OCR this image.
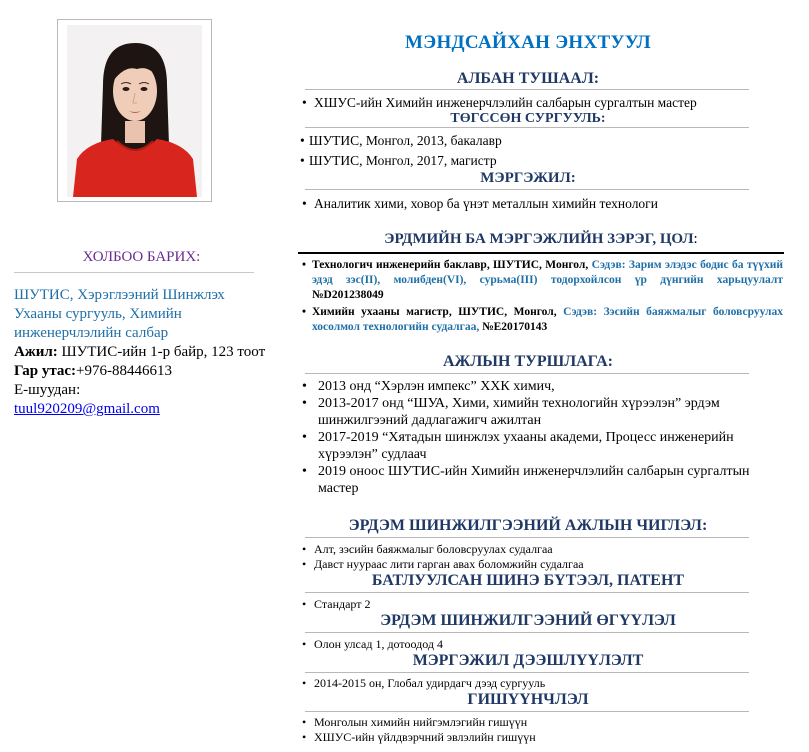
ХОЛБОО БАРИХ:
ШУТИС, Хэрэглээний Шинжлэх Ухааны сургууль, Химийн инженерчлэлийн салбар
Ажил: ШУТИС-ийн 1-р байр, 123 тоот
Гар утас:+976-88446613
Е-шуудан:
tuul920209@gmail.com
МЭНДСАЙХАН ЭНХТУУЛ
АЛБАН ТУШААЛ:
• ХШУС-ийн Химийн инженерчлэлийн салбарын сургалтын мастер
ТӨГССӨН СУРГУУЛЬ:
• ШУТИС, Монгол, 2013, бакалавр
• ШУТИС, Монгол, 2017, магистр
МЭРГЭЖИЛ:
• Аналитик хими, ховор ба үнэт металлын химийн технологи
ЭРДМИЙН БА МЭРГЭЖЛИЙН ЗЭРЭГ, ЦОЛ:
• Технологич инженерийн баклавр, ШУТИС, Монгол, Сэдэв: Зарим элэдэс бодис ба түүхий эдэд зэс(II), молибден(VI), сурьма(III) тодорхойлсон үр дүнгийн харьцуулалт №D201238049
• Химийн ухааны магистр, ШУТИС, Монгол, Сэдэв: Зэсийн баяжмалыг боловсруулах хосолмол технологийн судалгаа, №E20170143
АЖЛЫН ТУРШЛАГА:
• 2013 онд “Хэрлэн импекс” ХХК химич,
• 2013-2017 онд “ШУА, Хими, химийн технологийн хүрээлэн” эрдэм шинжилгээний дадлагажигч ажилтан
• 2017-2019 “Хятадын шинжлэх ухааны академи, Процесс инженерийн хүрээлэн” судлаач
• 2019 оноос ШУТИС-ийн Химийн инженерчлэлийн салбарын сургалтын мастер
ЭРДЭМ ШИНЖИЛГЭЭНИЙ АЖЛЫН ЧИГЛЭЛ:
• Алт, зэсийн баяжмалыг боловсруулах судалгаа
• Давст нуураас лити гарган авах боломжийн судалгаа
БАТЛУУЛСАН ШИНЭ БҮТЭЭЛ, ПАТЕНТ
• Стандарт 2
ЭРДЭМ ШИНЖИЛГЭЭНИЙ ӨГҮҮЛЭЛ
• Олон улсад 1, дотоодод 4
МЭРГЭЖИЛ ДЭЭШЛҮҮЛЭЛТ
• 2014-2015 он, Глобал удирдагч дээд сургууль
ГИШҮҮНЧЛЭЛ
• Монголын химийн нийгэмлэгийн гишүүн
• ХШУС-ийн үйлдвэрчний эвлэлийн гишүүн
